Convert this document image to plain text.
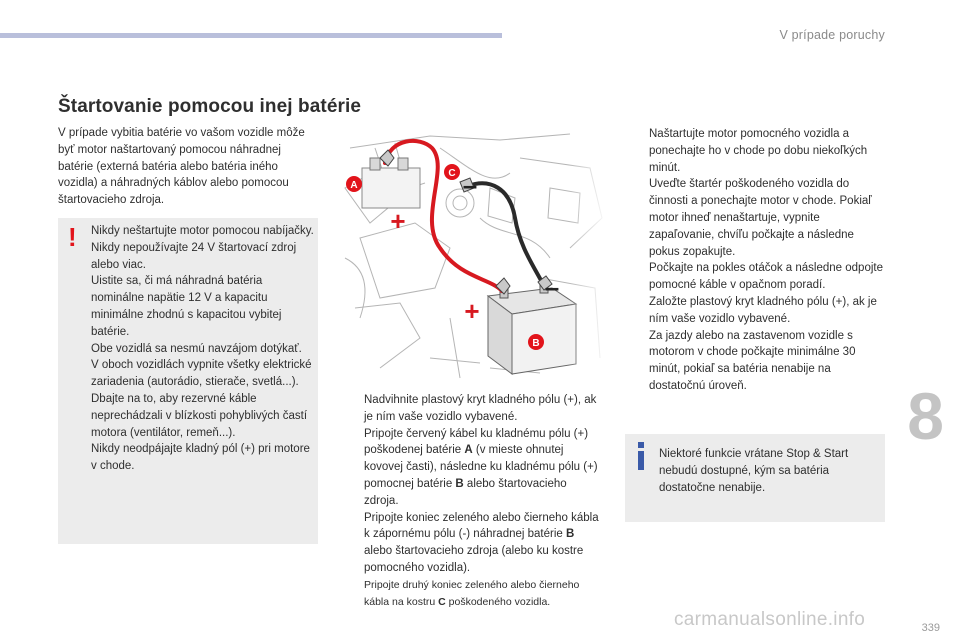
V prípade poruchy
Štartovanie pomocou inej batérie
V prípade vybitia batérie vo vašom vozidle môže byť motor naštartovaný pomocou náhradnej batérie (externá batéria alebo batéria iného vozidla) a náhradných káblov alebo pomocou štartovacieho zdroja.
! Nikdy neštartujte motor pomocou nabíjačky.
Nikdy nepoužívajte 24 V štartovací zdroj alebo viac.
Uistite sa, či má náhradná batéria nominálne napätie 12 V a kapacitu minimálne zhodnú s kapacitou vybitej batérie.
Obe vozidlá sa nesmú navzájom dotýkať.
V oboch vozidlách vypnite všetky elektrické zariadenia (autorádio, stierače, svetlá...).
Dbajte na to, aby rezervné káble neprechádzali v blízkosti pohyblivých častí motora (ventilátor, remeň...).
Nikdy neodpájajte kladný pól (+) pri motore v chode.
A
B
C
+
+
–
–
Nadvihnite plastový kryt kladného pólu (+), ak je ním vaše vozidlo vybavené.
Pripojte červený kábel ku kladnému pólu (+) poškodenej batérie A (v mieste ohnutej kovovej časti), následne ku kladnému pólu (+) pomocnej batérie B alebo štartovacieho zdroja.
Pripojte koniec zeleného alebo čierneho kábla k zápornému pólu (-) náhradnej batérie B alebo štartovacieho zdroja (alebo ku kostre pomocného vozidla).
Pripojte druhý koniec zeleného alebo čierneho kábla na kostru C poškodeného vozidla.
Naštartujte motor pomocného vozidla a ponechajte ho v chode po dobu niekoľkých minút.
Uveďte štartér poškodeného vozidla do činnosti a ponechajte motor v chode. Pokiaľ motor ihneď nenaštartuje, vypnite zapaľovanie, chvíľu počkajte a následne pokus zopakujte.
Počkajte na pokles otáčok a následne odpojte pomocné káble v opačnom poradí.
Založte plastový kryt kladného pólu (+), ak je ním vaše vozidlo vybavené.
Za jazdy alebo na zastavenom vozidle s motorom v chode počkajte minimálne 30 minút, pokiaľ sa batéria nenabije na dostatočnú úroveň.
Niektoré funkcie vrátane Stop & Start nebudú dostupné, kým sa batéria dostatočne nenabije.
8
carmanualsonline.info	339
